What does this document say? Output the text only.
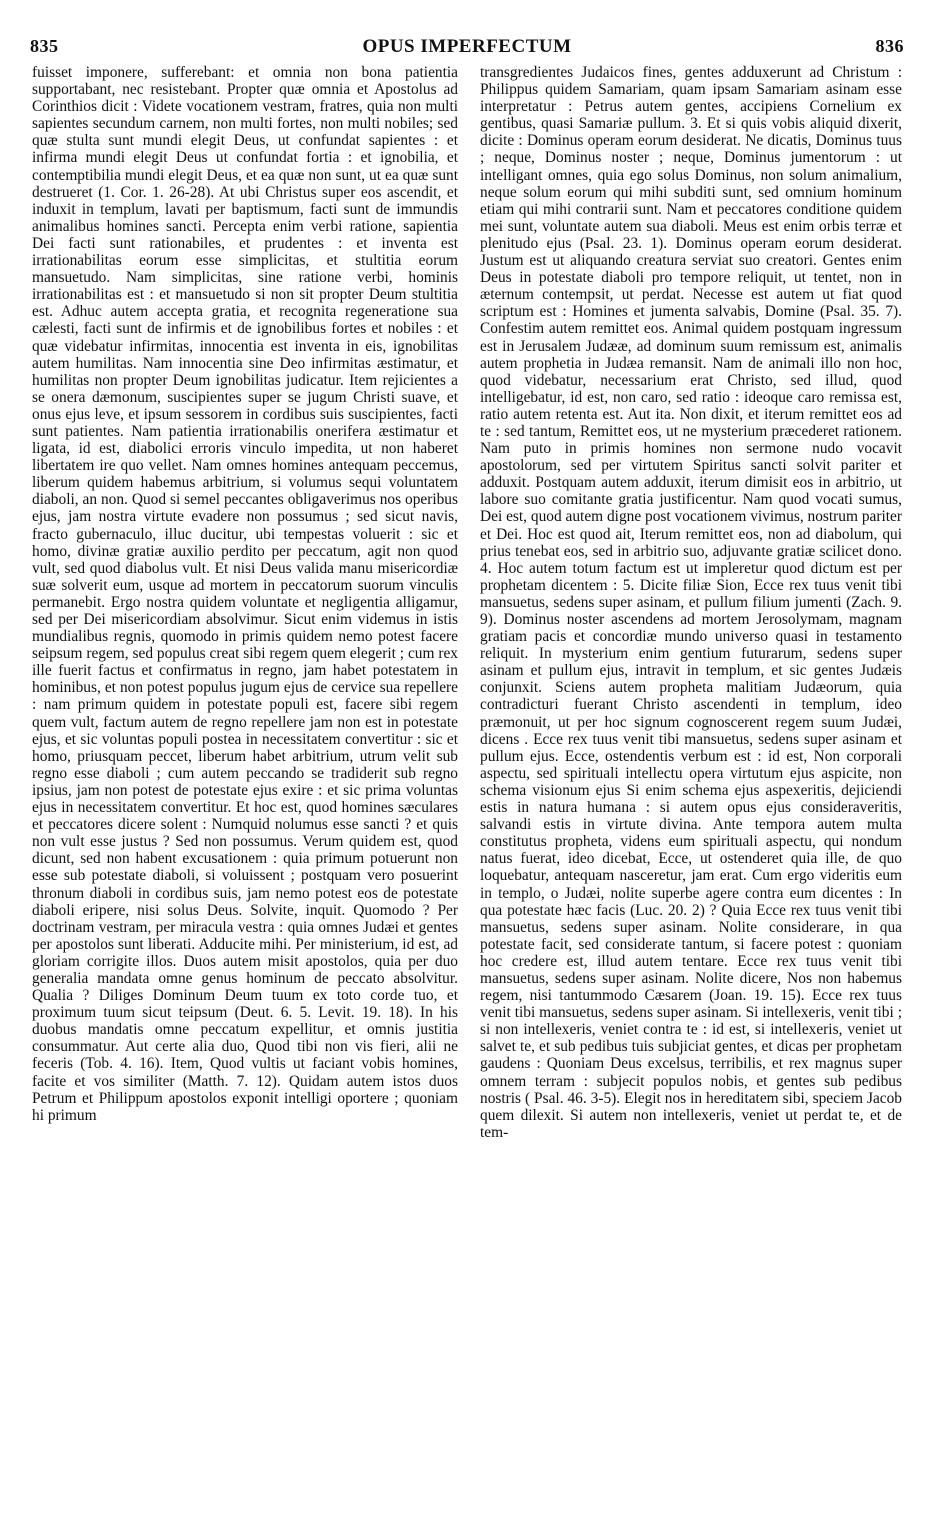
835	OPUS IMPERFECTUM	836

fuisset imponere, sufferebant: et omnia non bona patientia supportabant, nec resistebant. Propter quæ omnia et Apostolus ad Corinthios dicit : Videte vocationem vestram, fratres, quia non multi sapientes secundum carnem, non multi fortes, non multi nobiles; sed quæ stulta sunt mundi elegit Deus, ut confundat sapientes : et infirma mundi elegit Deus ut confundat fortia : et ignobilia, et contemptibilia mundi elegit Deus, et ea quæ non sunt, ut ea quæ sunt destrueret (1. Cor. 1. 26-28). At ubi Christus super eos ascendit, et induxit in templum, lavati per baptismum, facti sunt de immundis animalibus homines sancti. Percepta enim verbi ratione, sapientia Dei facti sunt rationabiles, et prudentes : et inventa est irrationabilitas eorum esse simplicitas, et stultitia eorum mansuetudo. Nam simplicitas, sine ratione verbi, hominis irrationabilitas est : et mansuetudo si non sit propter Deum stultitia est. Adhuc autem accepta gratia, et recognita regeneratione sua cælesti, facti sunt de infirmis et de ignobilibus fortes et nobiles : et quæ videbatur infirmitas, innocentia est inventa in eis, ignobilitas autem humilitas. Nam innocentia sine Deo infirmitas æstimatur, et humilitas non propter Deum ignobilitas judicatur. Item rejicientes a se onera dæmonum, suscipientes super se jugum Christi suave, et onus ejus leve, et ipsum sessorem in cordibus suis suscipientes, facti sunt patientes. Nam patientia irrationabilis onerifera æstimatur et ligata, id est, diabolici erroris vinculo impedita, ut non haberet libertatem ire quo vellet. Nam omnes homines antequam peccemus, liberum quidem habemus arbitrium, si volumus sequi voluntatem diaboli, an non. Quod si semel peccantes obligaverimus nos operibus ejus, jam nostra virtute evadere non possumus ; sed sicut navis, fracto gubernaculo, illuc ducitur, ubi tempestas voluerit : sic et homo, divinæ gratiæ auxilio perdito per peccatum, agit non quod vult, sed quod diabolus vult. Et nisi Deus valida manu misericordiæ suæ solverit eum, usque ad mortem in peccatorum suorum vinculis permanebit. Ergo nostra quidem voluntate et negligentia alligamur, sed per Dei misericordiam absolvimur. Sicut enim videmus in istis mundialibus regnis, quomodo in primis quidem nemo potest facere seipsum regem, sed populus creat sibi regem quem elegerit ; cum rex ille fuerit factus et confirmatus in regno, jam habet potestatem in hominibus, et non potest populus jugum ejus de cervice sua repellere : nam primum quidem in potestate populi est, facere sibi regem quem vult, factum autem de regno repellere jam non est in potestate ejus, et sic voluntas populi postea in necessitatem convertitur : sic et homo, priusquam peccet, liberum habet arbitrium, utrum velit sub regno esse diaboli ; cum autem peccando se tradiderit sub regno ipsius, jam non potest de potestate ejus exire : et sic prima voluntas ejus in necessitatem convertitur. Et hoc est, quod homines sæculares et peccatores dicere solent : Numquid nolumus esse sancti ? et quis non vult esse justus ? Sed non possumus. Verum quidem est, quod dicunt, sed non habent excusationem : quia primum potuerunt non esse sub potestate diaboli, si voluissent ; postquam vero posuerint thronum diaboli in cordibus suis, jam nemo potest eos de potestate diaboli eripere, nisi solus Deus. Solvite, inquit. Quomodo ? Per doctrinam vestram, per miracula vestra : quia omnes Judæi et gentes per apostolos sunt liberati. Adducite mihi. Per ministerium, id est, ad gloriam corrigite illos. Duos autem misit apostolos, quia per duo generalia mandata omne genus hominum de peccato absolvitur. Qualia ? Diliges Dominum Deum tuum ex toto corde tuo, et proximum tuum sicut teipsum (Deut. 6. 5. Levit. 19. 18). In his duobus mandatis omne peccatum expellitur, et omnis justitia consummatur. Aut certe alia duo, Quod tibi non vis fieri, alii ne feceris (Tob. 4. 16). Item, Quod vultis ut faciant vobis homines, facite et vos similiter (Matth. 7. 12). Quidam autem istos duos Petrum et Philippum apostolos exponit intelligi oportere ; quoniam hi primum

transgredientes Judaicos fines, gentes adduxerunt ad Christum : Philippus quidem Samariam, quam ipsam Samariam asinam esse interpretatur : Petrus autem gentes, accipiens Cornelium ex gentibus, quasi Samariæ pullum. 3. Et si quis vobis aliquid dixerit, dicite : Dominus operam eorum desiderat. Ne dicatis, Dominus tuus ; neque, Dominus noster ; neque, Dominus jumentorum : ut intelligant omnes, quia ego solus Dominus, non solum animalium, neque solum eorum qui mihi subditi sunt, sed omnium hominum etiam qui mihi contrarii sunt. Nam et peccatores conditione quidem mei sunt, voluntate autem sua diaboli. Meus est enim orbis terræ et plenitudo ejus (Psal. 23. 1). Dominus operam eorum desiderat. Justum est ut aliquando creatura serviat suo creatori. Gentes enim Deus in potestate diaboli pro tempore reliquit, ut tentet, non in æternum contempsit, ut perdat. Necesse est autem ut fiat quod scriptum est : Homines et jumenta salvabis, Domine (Psal. 35. 7). Confestim autem remittet eos. Animal quidem postquam ingressum est in Jerusalem Judææ, ad dominum suum remissum est, animalis autem prophetia in Judæa remansit. Nam de animali illo non hoc, quod videbatur, necessarium erat Christo, sed illud, quod intelligebatur, id est, non caro, sed ratio : ideoque caro remissa est, ratio autem retenta est. Aut ita. Non dixit, et iterum remittet eos ad te : sed tantum, Remittet eos, ut ne mysterium præcederet rationem. Nam puto in primis homines non sermone nudo vocavit apostolorum, sed per virtutem Spiritus sancti solvit pariter et adduxit. Postquam autem adduxit, iterum dimisit eos in arbitrio, ut labore suo comitante gratia justificentur. Nam quod vocati sumus, Dei est, quod autem digne post vocationem vivimus, nostrum pariter et Dei. Hoc est quod ait, Iterum remittet eos, non ad diabolum, qui prius tenebat eos, sed in arbitrio suo, adjuvante gratiæ scilicet dono. 4. Hoc autem totum factum est ut impleretur quod dictum est per prophetam dicentem : 5. Dicite filiæ Sion, Ecce rex tuus venit tibi mansuetus, sedens super asinam, et pullum filium jumenti (Zach. 9. 9). Dominus noster ascendens ad mortem Jerosolymam, magnam gratiam pacis et concordiæ mundo universo quasi in testamento reliquit. In mysterium enim gentium futurarum, sedens super asinam et pullum ejus, intravit in templum, et sic gentes Judæis conjunxit. Sciens autem propheta malitiam Judæorum, quia contradicturi fuerant Christo ascendenti in templum, ideo præmonuit, ut per hoc signum cognoscerent regem suum Judæi, dicens . Ecce rex tuus venit tibi mansuetus, sedens super asinam et pullum ejus. Ecce, ostendentis verbum est : id est, Non corporali aspectu, sed spirituali intellectu opera virtutum ejus aspicite, non schema visionum ejus Si enim schema ejus aspexeritis, dejiciendi estis in natura humana : si autem opus ejus consideraveritis, salvandi estis in virtute divina. Ante tempora autem multa constitutus propheta, videns eum spirituali aspectu, qui nondum natus fuerat, ideo dicebat, Ecce, ut ostenderet quia ille, de quo loquebatur, antequam nasceretur, jam erat. Cum ergo videritis eum in templo, o Judæi, nolite superbe agere contra eum dicentes : In qua potestate hæc facis (Luc. 20. 2) ? Quia Ecce rex tuus venit tibi mansuetus, sedens super asinam. Nolite considerare, in qua potestate facit, sed considerate tantum, si facere potest : quoniam hoc credere est, illud autem tentare. Ecce rex tuus venit tibi mansuetus, sedens super asinam. Nolite dicere, Nos non habemus regem, nisi tantummodo Cæsarem (Joan. 19. 15). Ecce rex tuus venit tibi mansuetus, sedens super asinam. Si intellexeris, venit tibi ; si non intellexeris, veniet contra te : id est, si intellexeris, veniet ut salvet te, et sub pedibus tuis subjiciat gentes, et dicas per prophetam gaudens : Quoniam Deus excelsus, terribilis, et rex magnus super omnem terram : subjecit populos nobis, et gentes sub pedibus nostris ( Psal. 46. 3-5). Elegit nos in hereditatem sibi, speciem Jacob quem dilexit. Si autem non intellexeris, veniet ut perdat te, et de tem-
